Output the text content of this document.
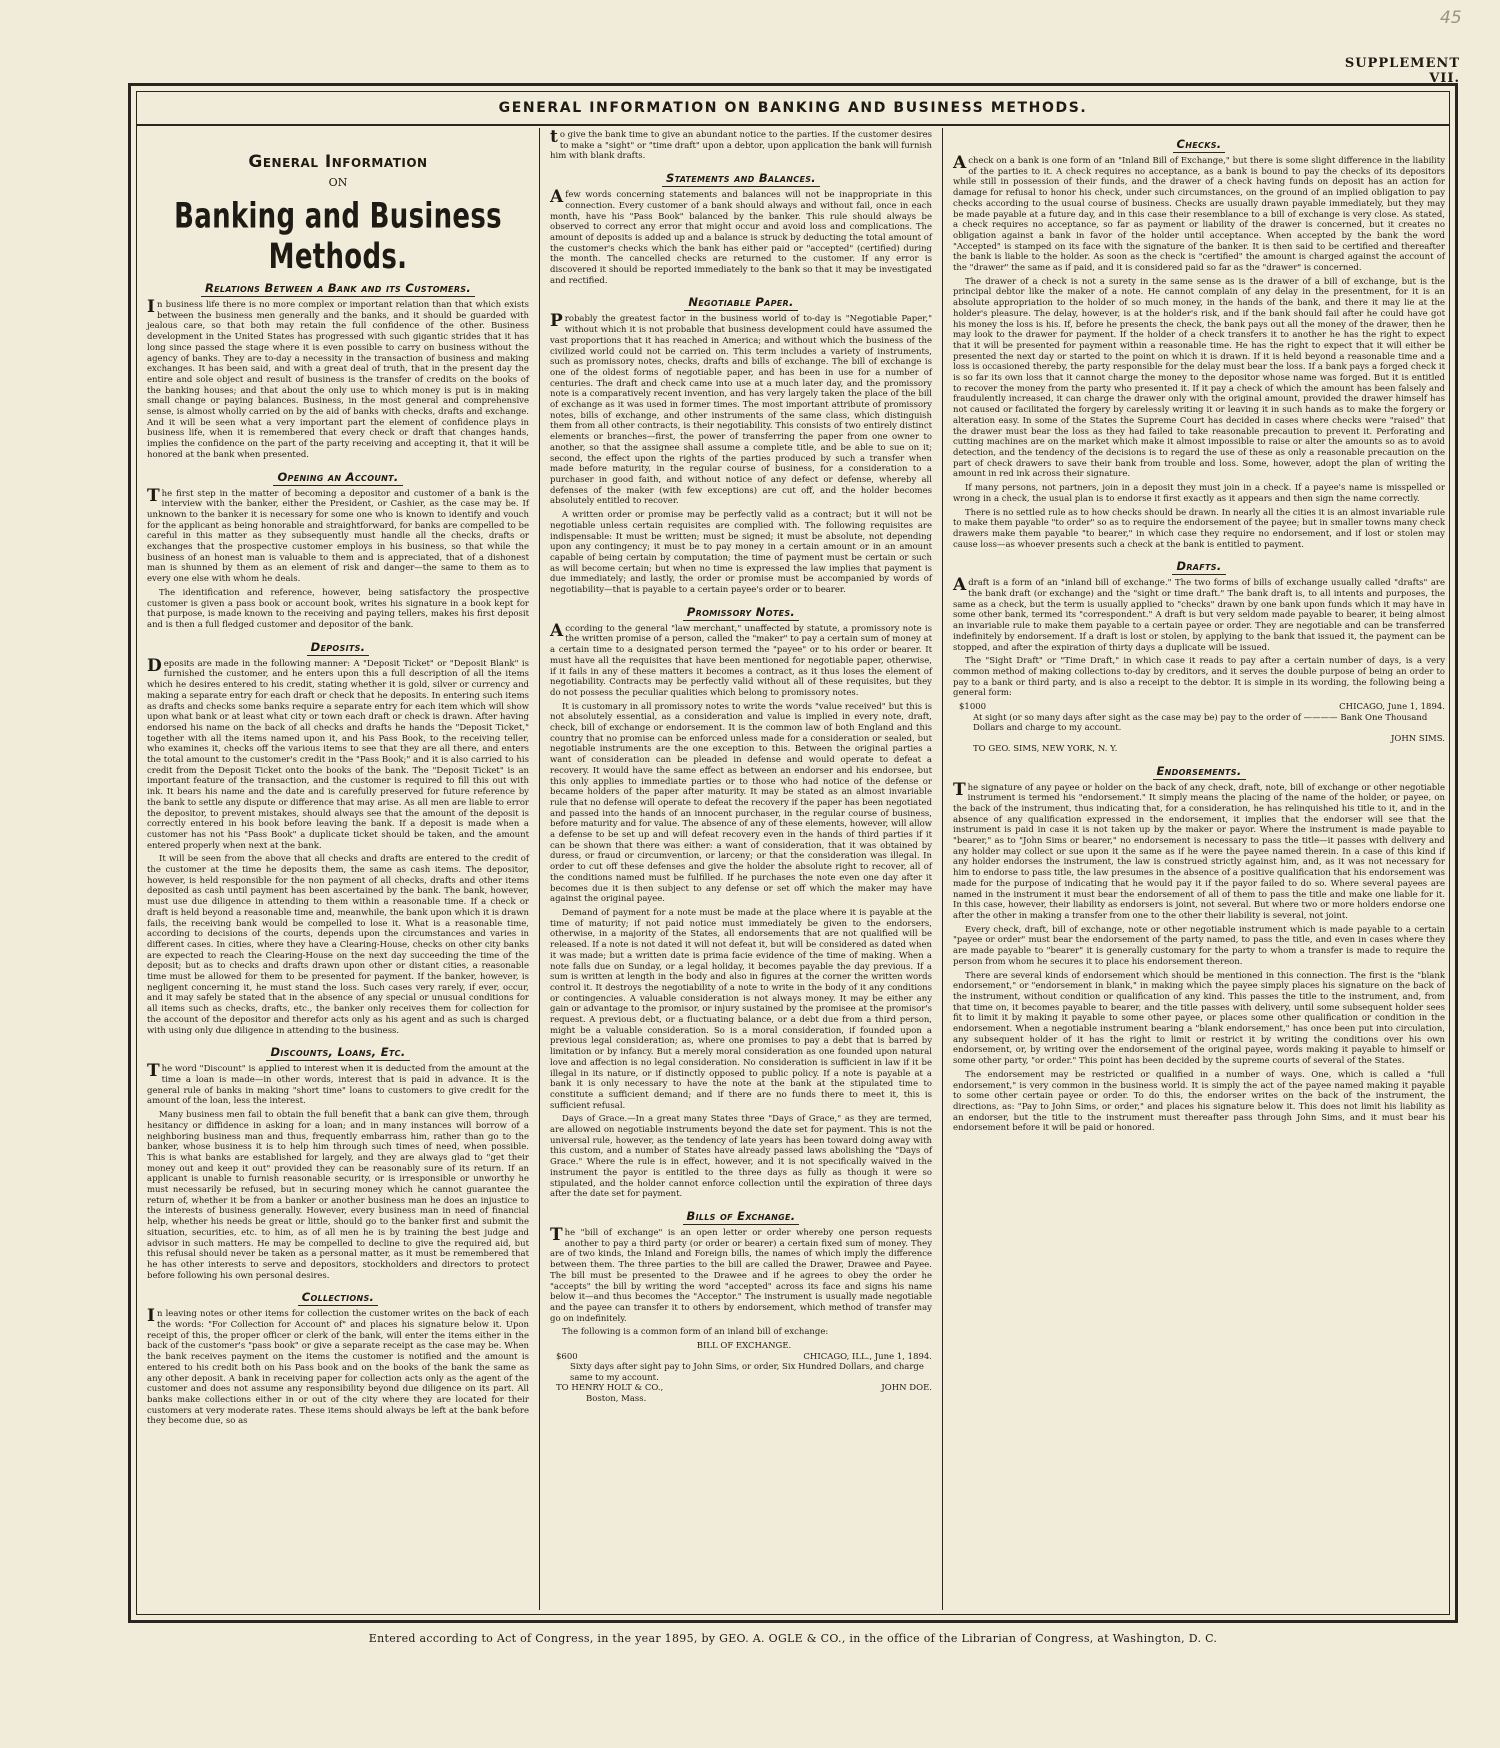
45
SUPPLEMENT VII.
GENERAL INFORMATION ON BANKING AND BUSINESS METHODS.
General Information
ON
Banking and Business Methods.
Relations Between a Bank and its Customers.

In business life there is no more complex or important relation than that which exists between the business men generally and the banks, and it should be guarded with jealous care, so that both may retain the full confidence of the other. Business development in the United States has progressed with such gigantic strides that it has long since passed the stage where it is even possible to carry on business without the agency of banks. They are to-day a necessity in the transaction of business and making exchanges. It has been said, and with a great deal of truth, that in the present day the entire and sole object and result of business is the transfer of credits on the books of the banking houses; and that about the only use to which money is put is in making small change or paying balances. Business, in the most general and comprehensive sense, is almost wholly carried on by the aid of banks with checks, drafts and exchange. And it will be seen what a very important part the element of confidence plays in business life, when it is remembered that every check or draft that changes hands, implies the confidence on the part of the party receiving and accepting it, that it will be honored at the bank when presented.

Opening an Account.

The first step in the matter of becoming a depositor and customer of a bank is the interview with the banker, either the President, or Cashier, as the case may be. If unknown to the banker it is necessary for some one who is known to identify and vouch for the applicant as being honorable and straightforward, for banks are compelled to be careful in this matter as they subsequently must handle all the checks, drafts or exchanges that the prospective customer employs in his business, so that while the business of an honest man is valuable to them and is appreciated, that of a dishonest man is shunned by them as an element of risk and danger—the same to them as to every one else with whom he deals.

The identification and reference, however, being satisfactory the prospective customer is given a pass book or account book, writes his signature in a book kept for that purpose, is made known to the receiving and paying tellers, makes his first deposit and is then a full fledged customer and depositor of the bank.

Deposits.

Deposits are made in the following manner: A "Deposit Ticket" or "Deposit Blank" is furnished the customer, and he enters upon this a full description of all the items which he desires entered to his credit, stating whether it is gold, silver or currency and making a separate entry for each draft or check that he deposits. In entering such items as drafts and checks some banks require a separate entry for each item which will show upon what bank or at least what city or town each draft or check is drawn. After having endorsed his name on the back of all checks and drafts he hands the "Deposit Ticket," together with all the items named upon it, and his Pass Book, to the receiving teller, who examines it, checks off the various items to see that they are all there, and enters the total amount to the customer's credit in the "Pass Book;" and it is also carried to his credit from the Deposit Ticket onto the books of the bank. The "Deposit Ticket" is an important feature of the transaction, and the customer is required to fill this out with ink. It bears his name and the date and is carefully preserved for future reference by the bank to settle any dispute or difference that may arise. As all men are liable to error the depositor, to prevent mistakes, should always see that the amount of the deposit is correctly entered in his book before leaving the bank. If a deposit is made when a customer has not his "Pass Book" a duplicate ticket should be taken, and the amount entered properly when next at the bank.

It will be seen from the above that all checks and drafts are entered to the credit of the customer at the time he deposits them, the same as cash items. The depositor, however, is held responsible for the non payment of all checks, drafts and other items deposited as cash until payment has been ascertained by the bank. The bank, however, must use due diligence in attending to them within a reasonable time. If a check or draft is held beyond a reasonable time and, meanwhile, the bank upon which it is drawn fails, the receiving bank would be compelled to lose it. What is a reasonable time, according to decisions of the courts, depends upon the circumstances and varies in different cases. In cities, where they have a Clearing-House, checks on other city banks are expected to reach the Clearing-House on the next day succeeding the time of the deposit; but as to checks and drafts drawn upon other or distant cities, a reasonable time must be allowed for them to be presented for payment. If the banker, however, is negligent concerning it, he must stand the loss. Such cases very rarely, if ever, occur, and it may safely be stated that in the absence of any special or unusual conditions for all items such as checks, drafts, etc., the banker only receives them for collection for the account of the depositor and therefor acts only as his agent and as such is charged with using only due diligence in attending to the business.

Discounts, Loans, Etc.

The word "Discount" is applied to interest when it is deducted from the amount at the time a loan is made—in other words, interest that is paid in advance. It is the general rule of banks in making "short time" loans to customers to give credit for the amount of the loan, less the interest.

Many business men fail to obtain the full benefit that a bank can give them, through hesitancy or diffidence in asking for a loan; and in many instances will borrow of a neighboring business man and thus, frequently embarrass him, rather than go to the banker, whose business it is to help him through such times of need, when possible. This is what banks are established for largely, and they are always glad to "get their money out and keep it out" provided they can be reasonably sure of its return. If an applicant is unable to furnish reasonable security, or is irresponsible or unworthy he must necessarily be refused, but in securing money which he cannot guarantee the return of, whether it be from a banker or another business man he does an injustice to the interests of business generally. However, every business man in need of financial help, whether his needs be great or little, should go to the banker first and submit the situation, securities, etc. to him, as of all men he is by training the best judge and advisor in such matters. He may be compelled to decline to give the required aid, but this refusal should never be taken as a personal matter, as it must be remembered that he has other interests to serve and depositors, stockholders and directors to protect before following his own personal desires.

Collections.

In leaving notes or other items for collection the customer writes on the back of each the words: "For Collection for Account of" and places his signature below it. Upon receipt of this, the proper officer or clerk of the bank, will enter the items either in the back of the customer's "pass book" or give a separate receipt as the case may be. When the bank receives payment on the items the customer is notified and the amount is entered to his credit both on his Pass book and on the books of the bank the same as any other deposit. A bank in receiving paper for collection acts only as the agent of the customer and does not assume any responsibility beyond due diligence on its part. All banks make collections either in or out of the city where they are located for their customers at very moderate rates. These items should always be left at the bank before they become due, so as

to give the bank time to give an abundant notice to the parties. If the customer desires to make a "sight" or "time draft" upon a debtor, upon application the bank will furnish him with blank drafts.

Statements and Balances.

Afew words concerning statements and balances will not be inappropriate in this connection. Every customer of a bank should always and without fail, once in each month, have his "Pass Book" balanced by the banker. This rule should always be observed to correct any error that might occur and avoid loss and complications. The amount of deposits is added up and a balance is struck by deducting the total amount of the customer's checks which the bank has either paid or "accepted" (certified) during the month. The cancelled checks are returned to the customer. If any error is discovered it should be reported immediately to the bank so that it may be investigated and rectified.

Negotiable Paper.

Probably the greatest factor in the business world of to-day is "Negotiable Paper," without which it is not probable that business development could have assumed the vast proportions that it has reached in America; and without which the business of the civilized world could not be carried on. This term includes a variety of instruments, such as promissory notes, checks, drafts and bills of exchange. The bill of exchange is one of the oldest forms of negotiable paper, and has been in use for a number of centuries. The draft and check came into use at a much later day, and the promissory note is a comparatively recent invention, and has very largely taken the place of the bill of exchange as it was used in former times. The most important attribute of promissory notes, bills of exchange, and other instruments of the same class, which distinguish them from all other contracts, is their negotiability. This consists of two entirely distinct elements or branches—first, the power of transferring the paper from one owner to another, so that the assignee shall assume a complete title, and be able to sue on it; second, the effect upon the rights of the parties produced by such a transfer when made before maturity, in the regular course of business, for a consideration to a purchaser in good faith, and without notice of any defect or defense, whereby all defenses of the maker (with few exceptions) are cut off, and the holder becomes absolutely entitled to recover.

A written order or promise may be perfectly valid as a contract; but it will not be negotiable unless certain requisites are complied with. The following requisites are indispensable: It must be written; must be signed; it must be absolute, not depending upon any contingency; it must be to pay money in a certain amount or in an amount capable of being certain by computation; the time of payment must be certain or such as will become certain; but when no time is expressed the law implies that payment is due immediately; and lastly, the order or promise must be accompanied by words of negotiability—that is payable to a certain payee's order or to bearer.

Promissory Notes.

According to the general "law merchant," unaffected by statute, a promissory note is the written promise of a person, called the "maker" to pay a certain sum of money at a certain time to a designated person termed the "payee" or to his order or bearer. It must have all the requisites that have been mentioned for negotiable paper, otherwise, if it fails in any of these matters it becomes a contract, as it thus loses the element of negotiability. Contracts may be perfectly valid without all of these requisites, but they do not possess the peculiar qualities which belong to promissory notes.

It is customary in all promissory notes to write the words "value received" but this is not absolutely essential, as a consideration and value is implied in every note, draft, check, bill of exchange or endorsement. It is the common law of both England and this country that no promise can be enforced unless made for a consideration or sealed, but negotiable instruments are the one exception to this. Between the original parties a want of consideration can be pleaded in defense and would operate to defeat a recovery. It would have the same effect as between an endorser and his endorsee, but this only applies to immediate parties or to those who had notice of the defense or became holders of the paper after maturity. It may be stated as an almost invariable rule that no defense will operate to defeat the recovery if the paper has been negotiated and passed into the hands of an innocent purchaser, in the regular course of business, before maturity and for value. The absence of any of these elements, however, will allow a defense to be set up and will defeat recovery even in the hands of third parties if it can be shown that there was either: a want of consideration, that it was obtained by duress, or fraud or circumvention, or larceny; or that the consideration was illegal. In order to cut off these defenses and give the holder the absolute right to recover, all of the conditions named must be fulfilled. If he purchases the note even one day after it becomes due it is then subject to any defense or set off which the maker may have against the original payee.

Demand of payment for a note must be made at the place where it is payable at the time of maturity; if not paid notice must immediately be given to the endorsers, otherwise, in a majority of the States, all endorsements that are not qualified will be released. If a note is not dated it will not defeat it, but will be considered as dated when it was made; but a written date is prima facie evidence of the time of making. When a note falls due on Sunday, or a legal holiday, it becomes payable the day previous. If a sum is written at length in the body and also in figures at the corner the written words control it. It destroys the negotiability of a note to write in the body of it any conditions or contingencies. A valuable consideration is not always money. It may be either any gain or advantage to the promisor, or injury sustained by the promisee at the promisor's request. A previous debt, or a fluctuating balance, or a debt due from a third person, might be a valuable consideration. So is a moral consideration, if founded upon a previous legal consideration; as, where one promises to pay a debt that is barred by limitation or by infancy. But a merely moral consideration as one founded upon natural love and affection is no legal consideration. No consideration is sufficient in law if it be illegal in its nature, or if distinctly opposed to public policy. If a note is payable at a bank it is only necessary to have the note at the bank at the stipulated time to constitute a sufficient demand; and if there are no funds there to meet it, this is sufficient refusal.

Days of Grace.—In a great many States three "Days of Grace," as they are termed, are allowed on negotiable instruments beyond the date set for payment. This is not the universal rule, however, as the tendency of late years has been toward doing away with this custom, and a number of States have already passed laws abolishing the "Days of Grace." Where the rule is in effect, however, and it is not specifically waived in the instrument the payor is entitled to the three days as fully as though it were so stipulated, and the holder cannot enforce collection until the expiration of three days after the date set for payment.

Bills of Exchange.

The "bill of exchange" is an open letter or order whereby one person requests another to pay a third party (or order or bearer) a certain fixed sum of money. They are of two kinds, the Inland and Foreign bills, the names of which imply the difference between them. The three parties to the bill are called the Drawer, Drawee and Payee. The bill must be presented to the Drawee and if he agrees to obey the order he "accepts" the bill by writing the word "accepted" across its face and signs his name below it—and thus becomes the "Acceptor." The instrument is usually made negotiable and the payee can transfer it to others by endorsement, which method of transfer may go on indefinitely.

The following is a common form of an inland bill of exchange:

BILL OF EXCHANGE.
$600	CHICAGO, ILL., June 1, 1894.
Sixty days after sight pay to John Sims, or order, Six Hundred Dollars, and charge same to my account.
TO HENRY HOLT & CO.,	JOHN DOE.
Boston, Mass.
Checks.

Acheck on a bank is one form of an "Inland Bill of Exchange," but there is some slight difference in the liability of the parties to it. A check requires no acceptance, as a bank is bound to pay the checks of its depositors while still in possession of their funds, and the drawer of a check having funds on deposit has an action for damage for refusal to honor his check, under such circumstances, on the ground of an implied obligation to pay checks according to the usual course of business. Checks are usually drawn payable immediately, but they may be made payable at a future day, and in this case their resemblance to a bill of exchange is very close. As stated, a check requires no acceptance, so far as payment or liability of the drawer is concerned, but it creates no obligation against a bank in favor of the holder until acceptance. When accepted by the bank the word "Accepted" is stamped on its face with the signature of the banker. It is then said to be certified and thereafter the bank is liable to the holder. As soon as the check is "certified" the amount is charged against the account of the "drawer" the same as if paid, and it is considered paid so far as the "drawer" is concerned.

The drawer of a check is not a surety in the same sense as is the drawer of a bill of exchange, but is the principal debtor like the maker of a note. He cannot complain of any delay in the presentment, for it is an absolute appropriation to the holder of so much money, in the hands of the bank, and there it may lie at the holder's pleasure. The delay, however, is at the holder's risk, and if the bank should fail after he could have got his money the loss is his. If, before he presents the check, the bank pays out all the money of the drawer, then he may look to the drawer for payment. If the holder of a check transfers it to another he has the right to expect that it will be presented for payment within a reasonable time. He has the right to expect that it will either be presented the next day or started to the point on which it is drawn. If it is held beyond a reasonable time and a loss is occasioned thereby, the party responsible for the delay must bear the loss. If a bank pays a forged check it is so far its own loss that it cannot charge the money to the depositor whose name was forged. But it is entitled to recover the money from the party who presented it. If it pay a check of which the amount has been falsely and fraudulently increased, it can charge the drawer only with the original amount, provided the drawer himself has not caused or facilitated the forgery by carelessly writing it or leaving it in such hands as to make the forgery or alteration easy. In some of the States the Supreme Court has decided in cases where checks were "raised" that the drawer must bear the loss as they had failed to take reasonable precaution to prevent it. Perforating and cutting machines are on the market which make it almost impossible to raise or alter the amounts so as to avoid detection, and the tendency of the decisions is to regard the use of these as only a reasonable precaution on the part of check drawers to save their bank from trouble and loss. Some, however, adopt the plan of writing the amount in red ink across their signature.

If many persons, not partners, join in a deposit they must join in a check. If a payee's name is misspelled or wrong in a check, the usual plan is to endorse it first exactly as it appears and then sign the name correctly.

There is no settled rule as to how checks should be drawn. In nearly all the cities it is an almost invariable rule to make them payable "to order" so as to require the endorsement of the payee; but in smaller towns many check drawers make them payable "to bearer," in which case they require no endorsement, and if lost or stolen may cause loss—as whoever presents such a check at the bank is entitled to payment.

Drafts.

Adraft is a form of an "inland bill of exchange." The two forms of bills of exchange usually called "drafts" are the bank draft (or exchange) and the "sight or time draft." The bank draft is, to all intents and purposes, the same as a check, but the term is usually applied to "checks" drawn by one bank upon funds which it may have in some other bank, termed its "correspondent." A draft is but very seldom made payable to bearer, it being almost an invariable rule to make them payable to a certain payee or order. They are negotiable and can be transferred indefinitely by endorsement. If a draft is lost or stolen, by applying to the bank that issued it, the payment can be stopped, and after the expiration of thirty days a duplicate will be issued.

The "Sight Draft" or "Time Draft," in which case it reads to pay after a certain number of days, is a very common method of making collections to-day by creditors, and it serves the double purpose of being an order to pay to a bank or third party, and is also a receipt to the debtor. It is simple in its wording, the following being a general form:

$1000	CHICAGO, June 1, 1894.
At sight (or so many days after sight as the case may be) pay to the order of ———— Bank One Thousand Dollars and charge to my account.
JOHN SIMS.
TO GEO. SIMS, NEW YORK, N. Y.
Endorsements.

The signature of any payee or holder on the back of any check, draft, note, bill of exchange or other negotiable instrument is termed his "endorsement." It simply means the placing of the name of the holder, or payee, on the back of the instrument, thus indicating that, for a consideration, he has relinquished his title to it, and in the absence of any qualification expressed in the endorsement, it implies that the endorser will see that the instrument is paid in case it is not taken up by the maker or payor. Where the instrument is made payable to "bearer," as to "John Sims or bearer," no endorsement is necessary to pass the title—it passes with delivery and any holder may collect or sue upon it the same as if he were the payee named therein. In a case of this kind if any holder endorses the instrument, the law is construed strictly against him, and, as it was not necessary for him to endorse to pass title, the law presumes in the absence of a positive qualification that his endorsement was made for the purpose of indicating that he would pay it if the payor failed to do so. Where several payees are named in the instrument it must bear the endorsement of all of them to pass the title and make one liable for it. In this case, however, their liability as endorsers is joint, not several. But where two or more holders endorse one after the other in making a transfer from one to the other their liability is several, not joint.

Every check, draft, bill of exchange, note or other negotiable instrument which is made payable to a certain "payee or order" must bear the endorsement of the party named, to pass the title, and even in cases where they are made payable to "bearer" it is generally customary for the party to whom a transfer is made to require the person from whom he secures it to place his endorsement thereon.

There are several kinds of endorsement which should be mentioned in this connection. The first is the "blank endorsement," or "endorsement in blank," in making which the payee simply places his signature on the back of the instrument, without condition or qualification of any kind. This passes the title to the instrument, and, from that time on, it becomes payable to bearer, and the title passes with delivery, until some subsequent holder sees fit to limit it by making it payable to some other payee, or places some other qualification or condition in the endorsement. When a negotiable instrument bearing a "blank endorsement," has once been put into circulation, any subsequent holder of it has the right to limit or restrict it by writing the conditions over his own endorsement, or, by writing over the endorsement of the original payee, words making it payable to himself or some other party, "or order." This point has been decided by the supreme courts of several of the States.

The endorsement may be restricted or qualified in a number of ways. One, which is called a "full endorsement," is very common in the business world. It is simply the act of the payee named making it payable to some other certain payee or order. To do this, the endorser writes on the back of the instrument, the directions, as: "Pay to John Sims, or order," and places his signature below it. This does not limit his liability as an endorser, but the title to the instrument must thereafter pass through John Sims, and it must bear his endorsement before it will be paid or honored.

Entered according to Act of Congress, in the year 1895, by GEO. A. OGLE & CO., in the office of the Librarian of Congress, at Washington, D. C.
